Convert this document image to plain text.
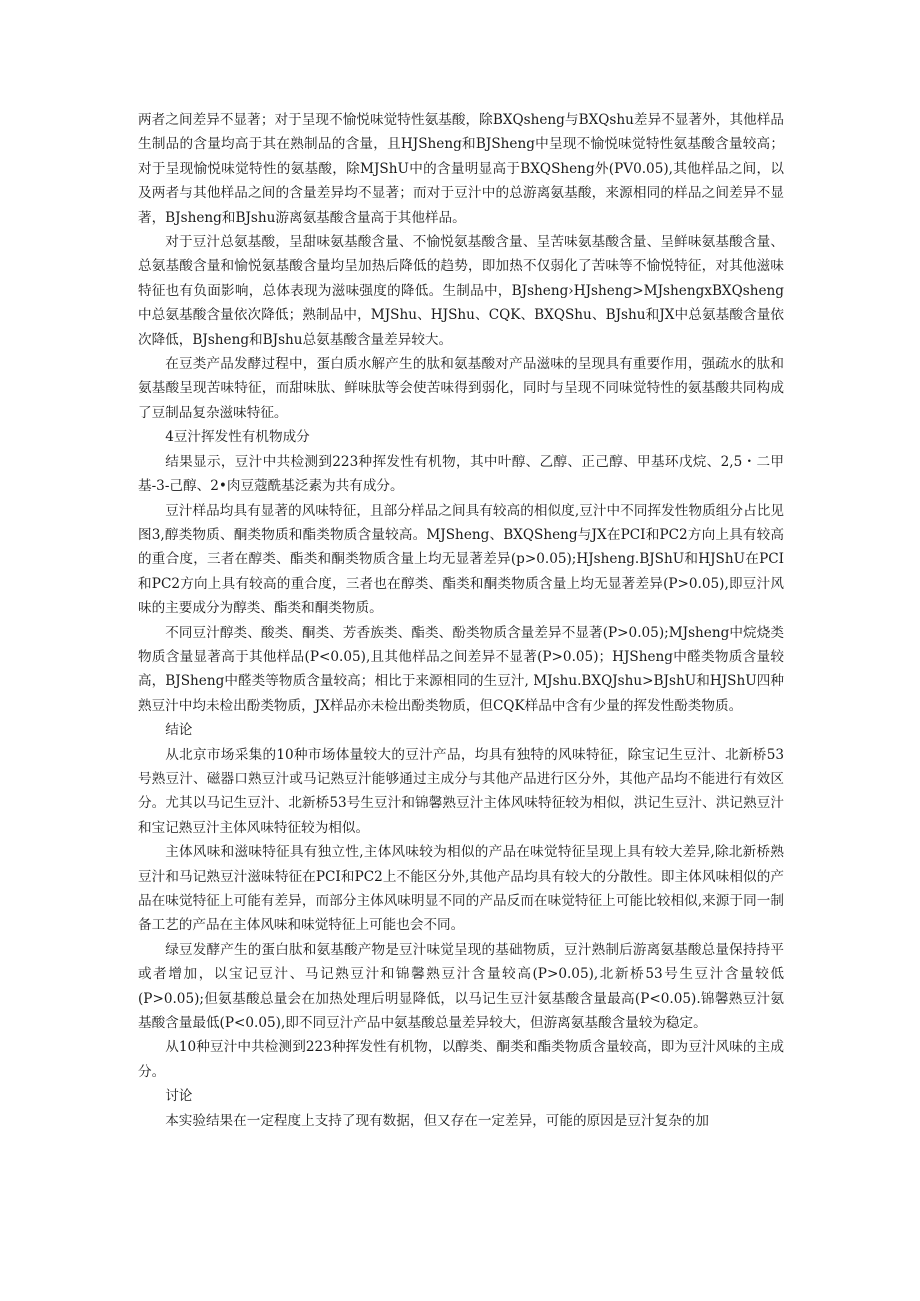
两者之间差异不显著；对于呈现不愉悦味觉特性氨基酸，除BXQsheng与BXQshu差异不显著外，其他样品生制品的含量均高于其在熟制品的含量，且HJSheng和BJSheng中呈现不愉悦味觉特性氨基酸含量较高；对于呈现愉悦味觉特性的氨基酸，除MJShU中的含量明显高于BXQSheng外(PV0.05),其他样品之间，以及两者与其他样品之间的含量差异均不显著；而对于豆汁中的总游离氨基酸，来源相同的样品之间差异不显著，BJsheng和BJshu游离氨基酸含量高于其他样品。

对于豆汁总氨基酸，呈甜味氨基酸含量、不愉悦氨基酸含量、呈苦味氨基酸含量、呈鲜味氨基酸含量、总氨基酸含量和愉悦氨基酸含量均呈加热后降低的趋势，即加热不仅弱化了苦味等不愉悦特征，对其他滋味特征也有负面影响，总体表现为滋味强度的降低。生制品中，BJsheng›HJsheng>MJshengxBXQsheng中总氨基酸含量依次降低；熟制品中，MJShu、HJShu、CQK、BXQShu、BJshu和JX中总氨基酸含量依次降低，BJsheng和BJshu总氨基酸含量差异较大。

在豆类产品发酵过程中，蛋白质水解产生的肽和氨基酸对产品滋味的呈现具有重要作用，强疏水的肽和氨基酸呈现苦味特征，而甜味肽、鲜味肽等会使苦味得到弱化，同时与呈现不同味觉特性的氨基酸共同构成了豆制品复杂滋味特征。

4豆汁挥发性有机物成分

结果显示，豆汁中共检测到223种挥发性有机物，其中叶醇、乙醇、正己醇、甲基环戊烷、2,5・二甲基-3-己醇、2•肉豆蔻酰基泛素为共有成分。

豆汁样品均具有显著的风味特征，且部分样品之间具有较高的相似度,豆汁中不同挥发性物质组分占比见图3,醇类物质、酮类物质和酯类物质含量较高。MJSheng、BXQSheng与JX在PCI和PC2方向上具有较高的重合度，三者在醇类、酯类和酮类物质含量上均无显著差异(p>0.05);HJsheng.BJShU和HJShU在PCI和PC2方向上具有较高的重合度，三者也在醇类、酯类和酮类物质含量上均无显著差异(P>0.05),即豆汁风味的主要成分为醇类、酯类和酮类物质。

不同豆汁醇类、酸类、酮类、芳香族类、酯类、酚类物质含量差异不显著(P>0.05);MJsheng中烷烧类物质含量显著高于其他样品(P<0.05),且其他样品之间差异不显著(P>0.05)；HJSheng中醛类物质含量较高，BJSheng中醛类等物质含量较高；相比于来源相同的生豆汁, MJshu.BXQJshu>BJshU和HJShU四种熟豆汁中均未检出酚类物质，JX样品亦未检出酚类物质，但CQK样品中含有少量的挥发性酚类物质。

结论

从北京市场采集的10种市场体量较大的豆汁产品，均具有独特的风味特征，除宝记生豆汁、北新桥53号熟豆汁、磁器口熟豆汁或马记熟豆汁能够通过主成分与其他产品进行区分外，其他产品均不能进行有效区分。尤其以马记生豆汁、北新桥53号生豆汁和锦馨熟豆汁主体风味特征较为相似，洪记生豆汁、洪记熟豆汁和宝记熟豆汁主体风味特征较为相似。

主体风味和滋味特征具有独立性,主体风味较为相似的产品在味觉特征呈现上具有较大差异,除北新桥熟豆汁和马记熟豆汁滋味特征在PCI和PC2上不能区分外,其他产品均具有较大的分散性。即主体风味相似的产品在味觉特征上可能有差异，而部分主体风味明显不同的产品反而在味觉特征上可能比较相似,来源于同一制备工艺的产品在主体风味和味觉特征上可能也会不同。

绿豆发酵产生的蛋白肽和氨基酸产物是豆汁味觉呈现的基础物质，豆汁熟制后游离氨基酸总量保持持平或者增加，以宝记豆汁、马记熟豆汁和锦馨熟豆汁含量较高(P>0.05),北新桥53号生豆汁含量较低(P>0.05);但氨基酸总量会在加热处理后明显降低，以马记生豆汁氨基酸含量最高(P<0.05).锦馨熟豆汁氨基酸含量最低(P<0.05),即不同豆汁产品中氨基酸总量差异较大，但游离氨基酸含量较为稳定。

从10种豆汁中共检测到223种挥发性有机物，以醇类、酮类和酯类物质含量较高，即为豆汁风味的主成分。

讨论

本实验结果在一定程度上支持了现有数据，但又存在一定差异，可能的原因是豆汁复杂的加
